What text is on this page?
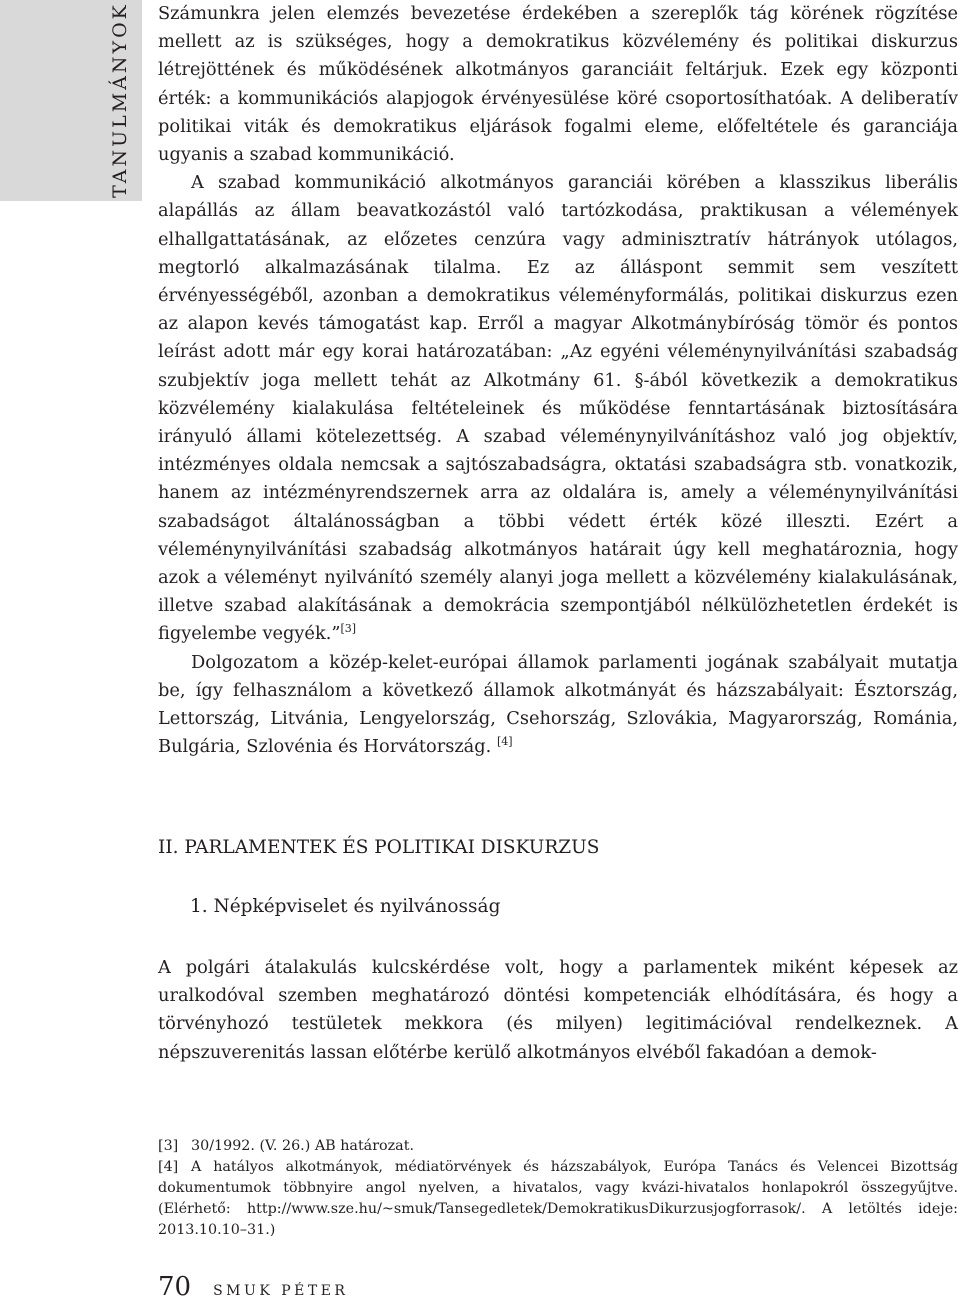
TANULMÁNYOK Számunkra jelen elemzés bevezetése érdekében a szereplők tág körének rögzítése mellett az is szükséges, hogy a demokratikus közvélemény és politikai diskurzus létrejöttének és működésének alkotmányos garanciáit feltárjuk. Ezek egy központi érték: a kommunikációs alapjogok érvényesülése köré csoportosíthatóak. A deliberatív politikai viták és demokratikus eljárások fogalmi eleme, előfeltétele és garanciája ugyanis a szabad kommunikáció.

A szabad kommunikáció alkotmányos garanciái körében a klasszikus liberális alapállás az állam beavatkozástól való tartózkodása, praktikusan a vélemények elhallgattatásának, az előzetes cenzúra vagy adminisztratív hátrányok utólagos, megtorló alkalmazásának tilalma. Ez az álláspont semmit sem veszített érvényességéből, azonban a demokratikus véleményformálás, politikai diskurzus ezen az alapon kevés támogatást kap. Erről a magyar Alkotmánybíróság tömör és pontos leírást adott már egy korai határozatában: „Az egyéni véleménynyilvánítási szabadság szubjektív joga mellett tehát az Alkotmány 61. §-ából következik a demokratikus közvélemény kialakulása feltételeinek és működése fenntartásának biztosítására irányuló állami kötelezettség. A szabad véleménynyilvánításhoz való jog objektív, intézményes oldala nemcsak a sajtószabadságra, oktatási szabadságra stb. vonatkozik, hanem az intézményrendszernek arra az oldalára is, amely a véleménynyilvánítási szabadságot általánosságban a többi védett érték közé illeszti. Ezért a véleménynyilvánítási szabadság alkotmányos határait úgy kell meghatároznia, hogy azok a véleményt nyilvánító személy alanyi joga mellett a közvélemény kialakulásának, illetve szabad alakításának a demokrácia szempontjából nélkülözhetetlen érdekét is figyelembe vegyék.”[3]

Dolgozatom a közép-kelet-európai államok parlamenti jogának szabályait mutatja be, így felhasználom a következő államok alkotmányát és házszabályait: Észtország, Lettország, Litvánia, Lengyelország, Csehország, Szlovákia, Magyarország, Románia, Bulgária, Szlovénia és Horvátország. [4]

II. PARLAMENTEK ÉS POLITIKAI DISKURZUS
1. Népképviselet és nyilvánosság

A polgári átalakulás kulcskérdése volt, hogy a parlamentek miként képesek az uralkodóval szemben meghatározó döntési kompetenciák elhódítására, és hogy a törvényhozó testületek mekkora (és milyen) legitimációval rendelkeznek. A népszuverenitás lassan előtérbe kerülő alkotmányos elvéből fakadóan a demok-

[3] 30/1992. (V. 26.) AB határozat.

[4] A hatályos alkotmányok, médiatörvények és házszabályok, Európa Tanács és Velencei Bizottság dokumentumok többnyire angol nyelven, a hivatalos, vagy kvázi-hivatalos honlapokról összegyűjtve. (Elérhető: http://www.sze.hu/~smuk/Tansegedletek/DemokratikusDikurzusjogforrasok/. A letöltés ideje: 2013.10.10–31.)

70 SMUK PÉTER
